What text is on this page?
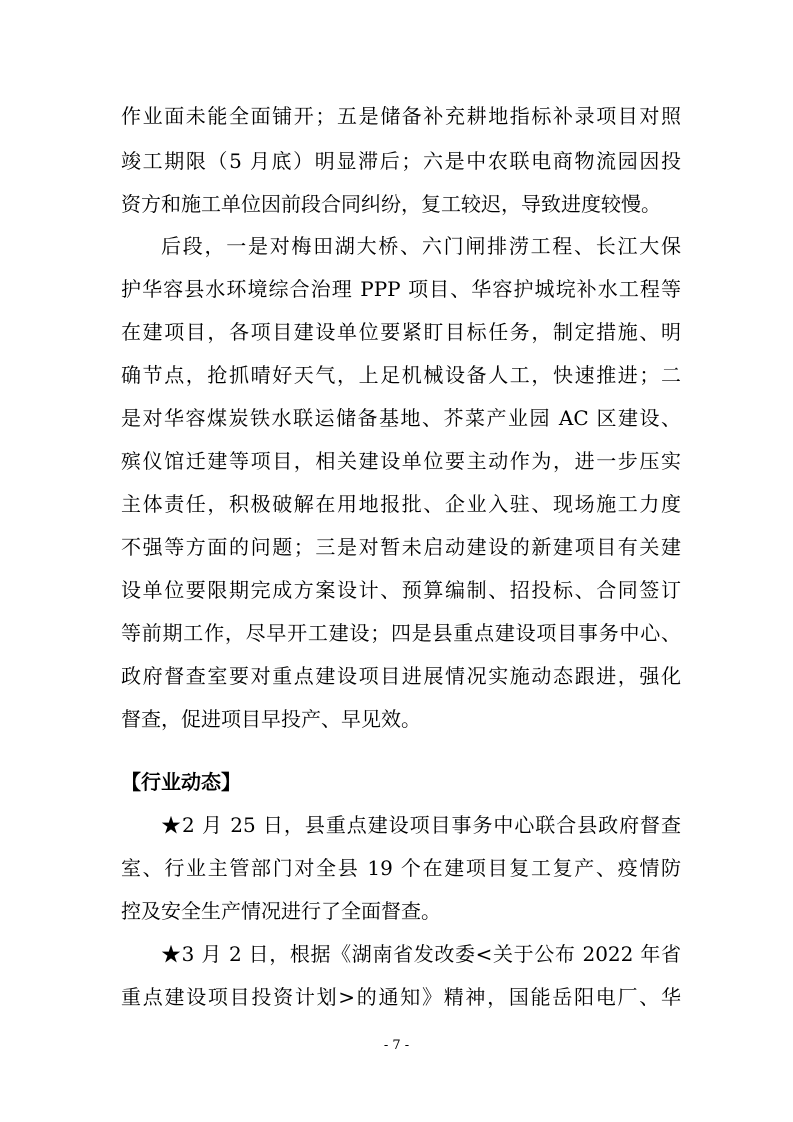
作业面未能全面铺开；五是储备补充耕地指标补录项目对照
竣工期限（5 月底）明显滞后；六是中农联电商物流园因投
资方和施工单位因前段合同纠纷，复工较迟，导致进度较慢。
后段，一是对梅田湖大桥、六门闸排涝工程、长江大保
护华容县水环境综合治理 PPP 项目、华容护城垸补水工程等
在建项目，各项目建设单位要紧盯目标任务，制定措施、明
确节点，抢抓晴好天气，上足机械设备人工，快速推进；二
是对华容煤炭铁水联运储备基地、芥菜产业园 AC 区建设、
殡仪馆迁建等项目，相关建设单位要主动作为，进一步压实
主体责任，积极破解在用地报批、企业入驻、现场施工力度
不强等方面的问题；三是对暂未启动建设的新建项目有关建
设单位要限期完成方案设计、预算编制、招投标、合同签订
等前期工作，尽早开工建设；四是县重点建设项目事务中心、
政府督查室要对重点建设项目进展情况实施动态跟进，强化
督查，促进项目早投产、早见效。
【行业动态】
★2 月 25 日，县重点建设项目事务中心联合县政府督查
室、行业主管部门对全县 19 个在建项目复工复产、疫情防
控及安全生产情况进行了全面督查。
★3 月 2 日，根据《湖南省发改委<关于公布 2022 年省
重点建设项目投资计划>的通知》精神，国能岳阳电厂、华
- 7 -
